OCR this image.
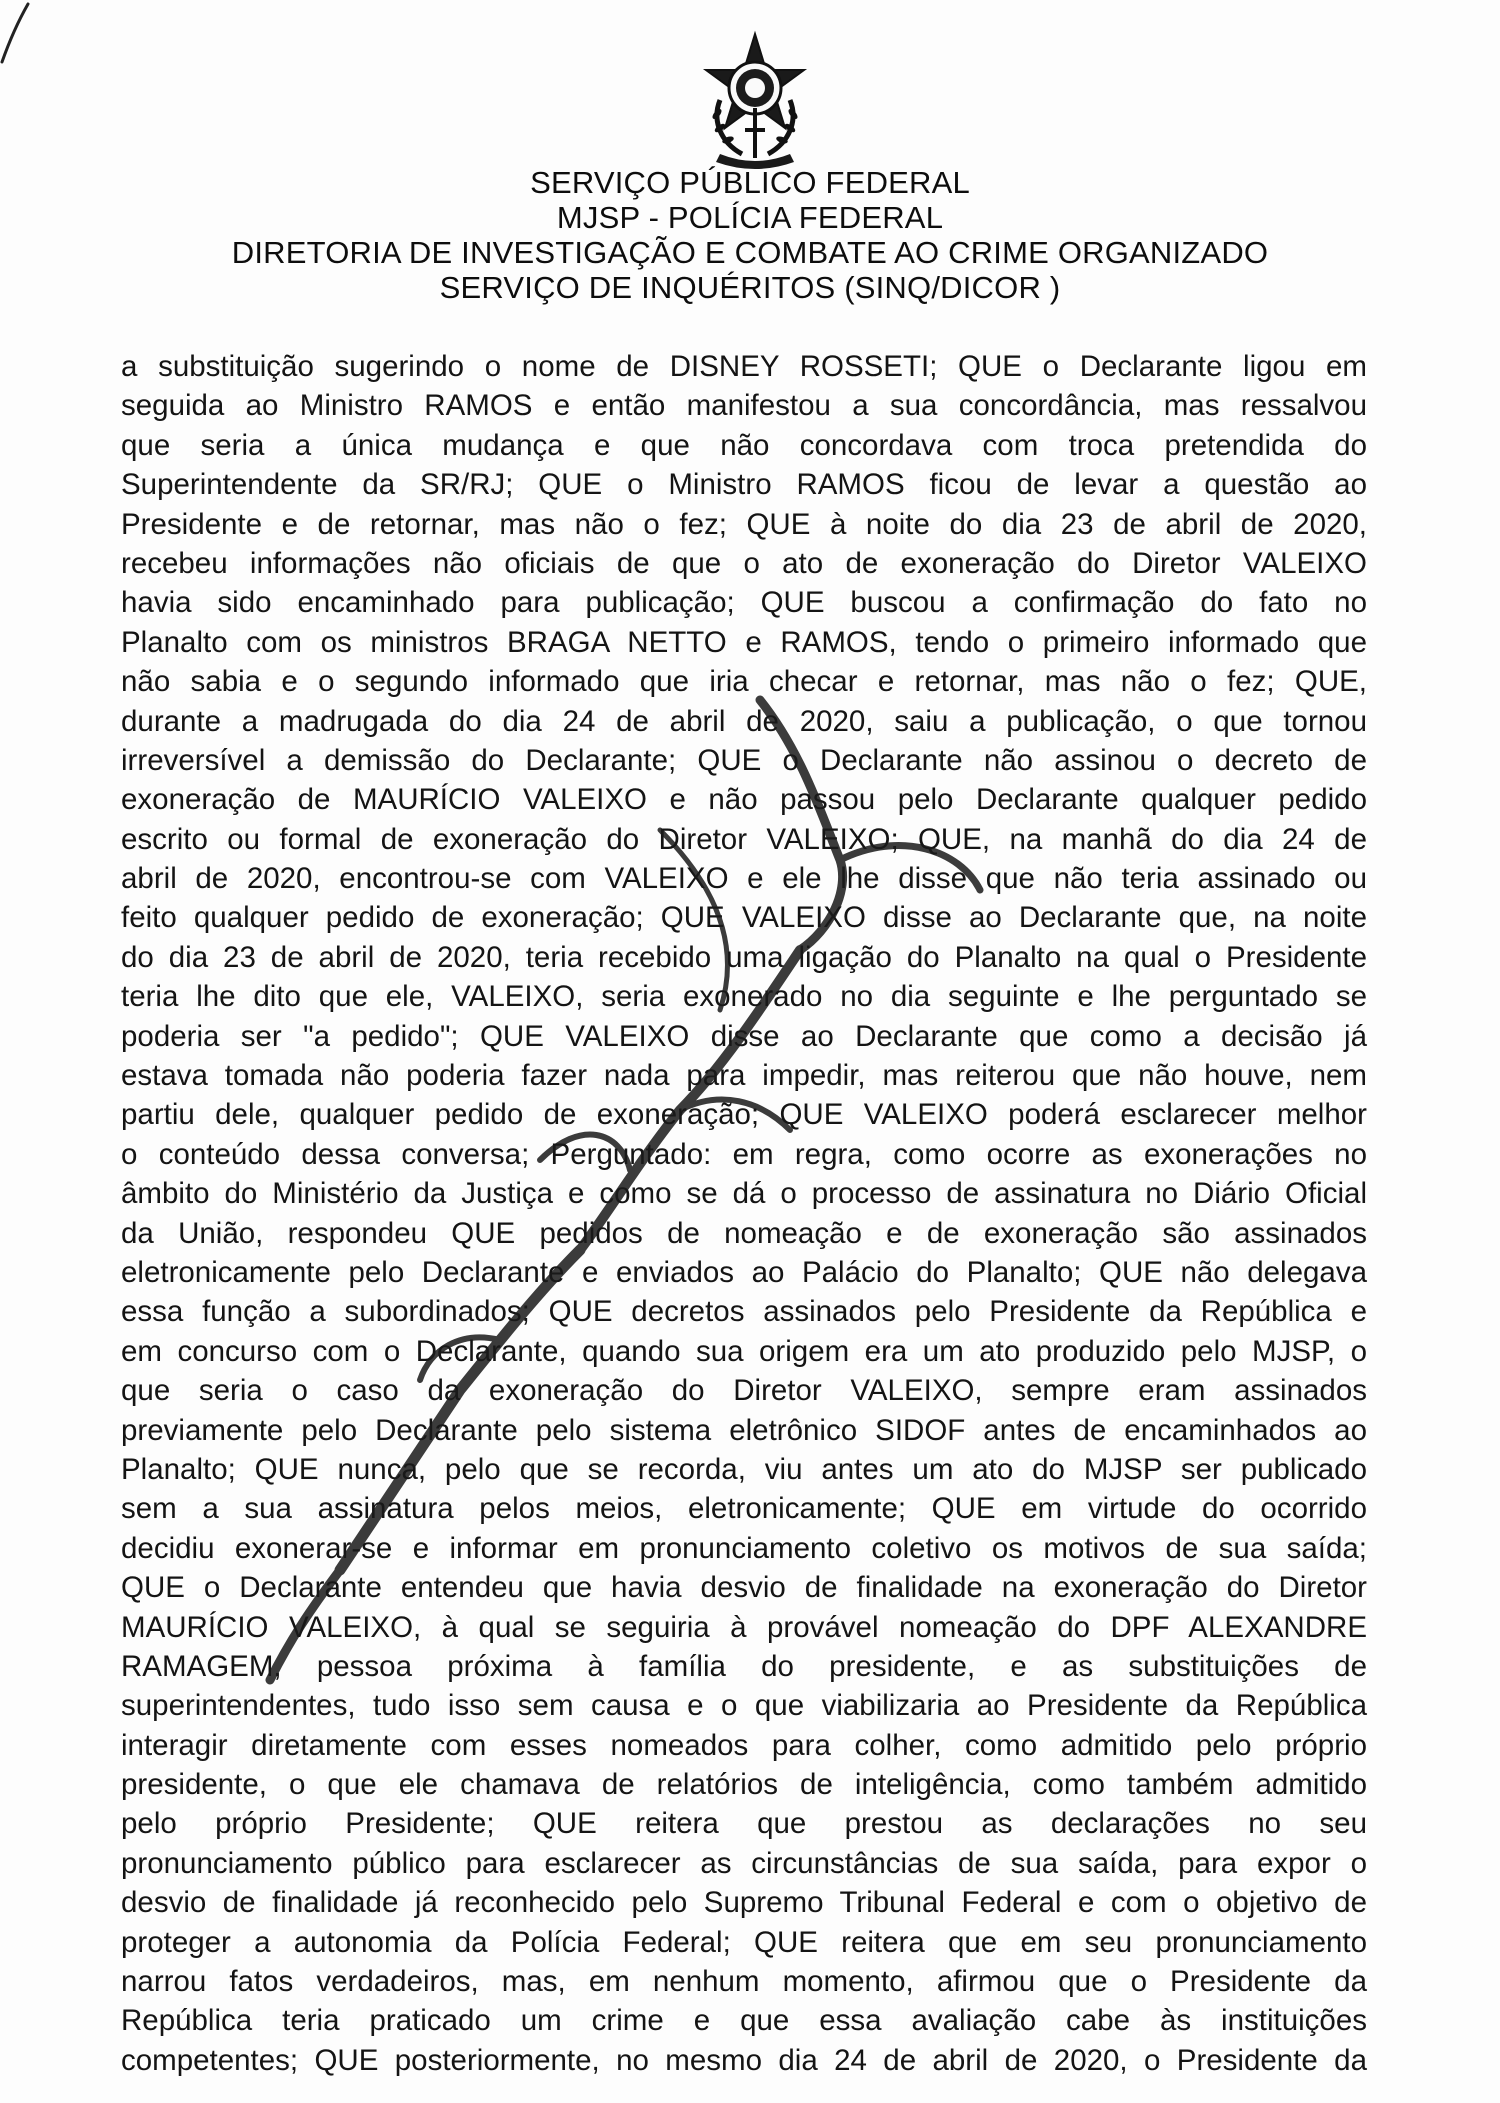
SERVIÇO PÚBLICO FEDERAL
MJSP - POLÍCIA FEDERAL
DIRETORIA DE INVESTIGAÇÃO E COMBATE AO CRIME ORGANIZADO
SERVIÇO DE INQUÉRITOS (SINQ/DICOR )
a substituição sugerindo o nome de DISNEY ROSSETI; QUE o Declarante ligou em
seguida ao Ministro RAMOS e então manifestou a sua concordância, mas ressalvou
que seria a única mudança e que não concordava com troca pretendida do
Superintendente da SR/RJ; QUE o Ministro RAMOS ficou de levar a questão ao
Presidente e de retornar, mas não o fez; QUE à noite do dia 23 de abril de 2020,
recebeu informações não oficiais de que o ato de exoneração do Diretor VALEIXO
havia sido encaminhado para publicação; QUE buscou a confirmação do fato no
Planalto com os ministros BRAGA NETTO e RAMOS, tendo o primeiro informado que
não sabia e o segundo informado que iria checar e retornar, mas não o fez; QUE,
durante a madrugada do dia 24 de abril de 2020, saiu a publicação, o que tornou
irreversível a demissão do Declarante; QUE o Declarante não assinou o decreto de
exoneração de MAURÍCIO VALEIXO e não passou pelo Declarante qualquer pedido
escrito ou formal de exoneração do Diretor VALEIXO; QUE, na manhã do dia 24 de
abril de 2020, encontrou-se com VALEIXO e ele lhe disse que não teria assinado ou
feito qualquer pedido de exoneração; QUE VALEIXO disse ao Declarante que, na noite
do dia 23 de abril de 2020, teria recebido uma ligação do Planalto na qual o Presidente
teria lhe dito que ele, VALEIXO, seria exonerado no dia seguinte e lhe perguntado se
poderia ser "a pedido"; QUE VALEIXO disse ao Declarante que como a decisão já
estava tomada não poderia fazer nada para impedir, mas reiterou que não houve, nem
partiu dele, qualquer pedido de exoneração; QUE VALEIXO poderá esclarecer melhor
o conteúdo dessa conversa; Perguntado: em regra, como ocorre as exonerações no
âmbito do Ministério da Justiça e como se dá o processo de assinatura no Diário Oficial
da União, respondeu QUE pedidos de nomeação e de exoneração são assinados
eletronicamente pelo Declarante e enviados ao Palácio do Planalto; QUE não delegava
essa função a subordinados; QUE decretos assinados pelo Presidente da República e
em concurso com o Declarante, quando sua origem era um ato produzido pelo MJSP, o
que seria o caso da exoneração do Diretor VALEIXO, sempre eram assinados
previamente pelo Declarante pelo sistema eletrônico SIDOF antes de encaminhados ao
Planalto; QUE nunca, pelo que se recorda, viu antes um ato do MJSP ser publicado
sem a sua assinatura pelos meios, eletronicamente; QUE em virtude do ocorrido
decidiu exonerar-se e informar em pronunciamento coletivo os motivos de sua saída;
QUE o Declarante entendeu que havia desvio de finalidade na exoneração do Diretor
MAURÍCIO VALEIXO, à qual se seguiria à provável nomeação do DPF ALEXANDRE
RAMAGEM, pessoa próxima à família do presidente, e as substituições de
superintendentes, tudo isso sem causa e o que viabilizaria ao Presidente da República
interagir diretamente com esses nomeados para colher, como admitido pelo próprio
presidente, o que ele chamava de relatórios de inteligência, como também admitido
pelo próprio Presidente; QUE reitera que prestou as declarações no seu
pronunciamento público para esclarecer as circunstâncias de sua saída, para expor o
desvio de finalidade já reconhecido pelo Supremo Tribunal Federal e com o objetivo de
proteger a autonomia da Polícia Federal; QUE reitera que em seu pronunciamento
narrou fatos verdadeiros, mas, em nenhum momento, afirmou que o Presidente da
República teria praticado um crime e que essa avaliação cabe às instituições
competentes; QUE posteriormente, no mesmo dia 24 de abril de 2020, o Presidente da
